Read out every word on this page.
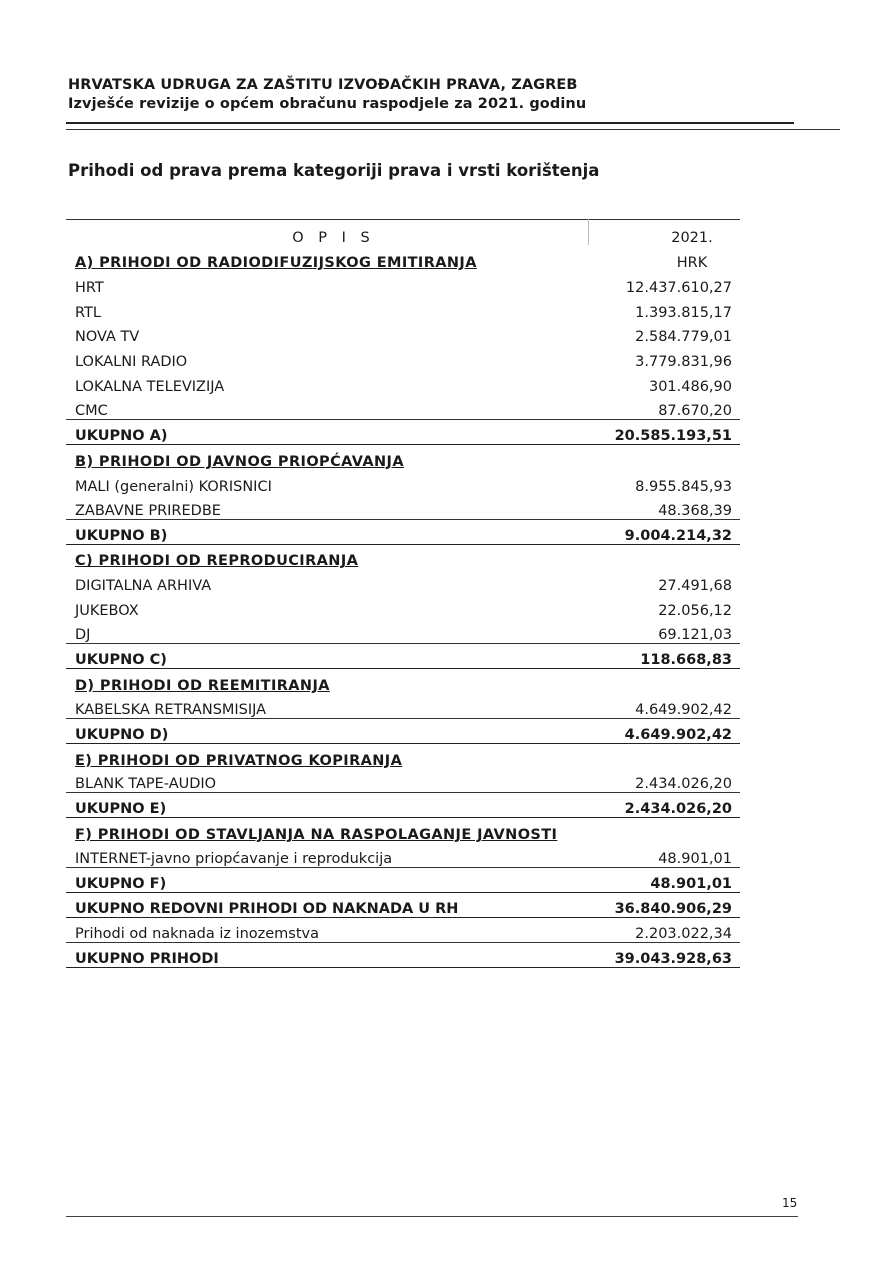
HRVATSKA UDRUGA ZA ZAŠTITU IZVOĐAČKIH PRAVA, ZAGREB
Izvješće revizije o općem obračunu raspodjele za 2021. godinu
Prihodi od prava prema kategoriji prava i vrsti korištenja
O P I S	2021.
A) PRIHODI OD RADIODIFUZIJSKOG EMITIRANJA	HRK
HRT	12.437.610,27
RTL	1.393.815,17
NOVA TV	2.584.779,01
LOKALNI RADIO	3.779.831,96
LOKALNA TELEVIZIJA	301.486,90
CMC	87.670,20
UKUPNO A)	20.585.193,51
B) PRIHODI OD JAVNOG PRIOPĆAVANJA
MALI (generalni) KORISNICI	8.955.845,93
ZABAVNE PRIREDBE	48.368,39
UKUPNO B)	9.004.214,32
C) PRIHODI OD REPRODUCIRANJA
DIGITALNA ARHIVA	27.491,68
JUKEBOX	22.056,12
DJ	69.121,03
UKUPNO C)	118.668,83
D) PRIHODI OD REEMITIRANJA
KABELSKA RETRANSMISIJA	4.649.902,42
UKUPNO D)	4.649.902,42
E) PRIHODI OD PRIVATNOG KOPIRANJA
BLANK TAPE-AUDIO	2.434.026,20
UKUPNO E)	2.434.026,20
F) PRIHODI OD STAVLJANJA NA RASPOLAGANJE JAVNOSTI
INTERNET-javno priopćavanje i reprodukcija	48.901,01
UKUPNO F)	48.901,01
UKUPNO REDOVNI PRIHODI OD NAKNADA U RH	36.840.906,29
Prihodi od naknada iz inozemstva	2.203.022,34
UKUPNO PRIHODI	39.043.928,63
15
